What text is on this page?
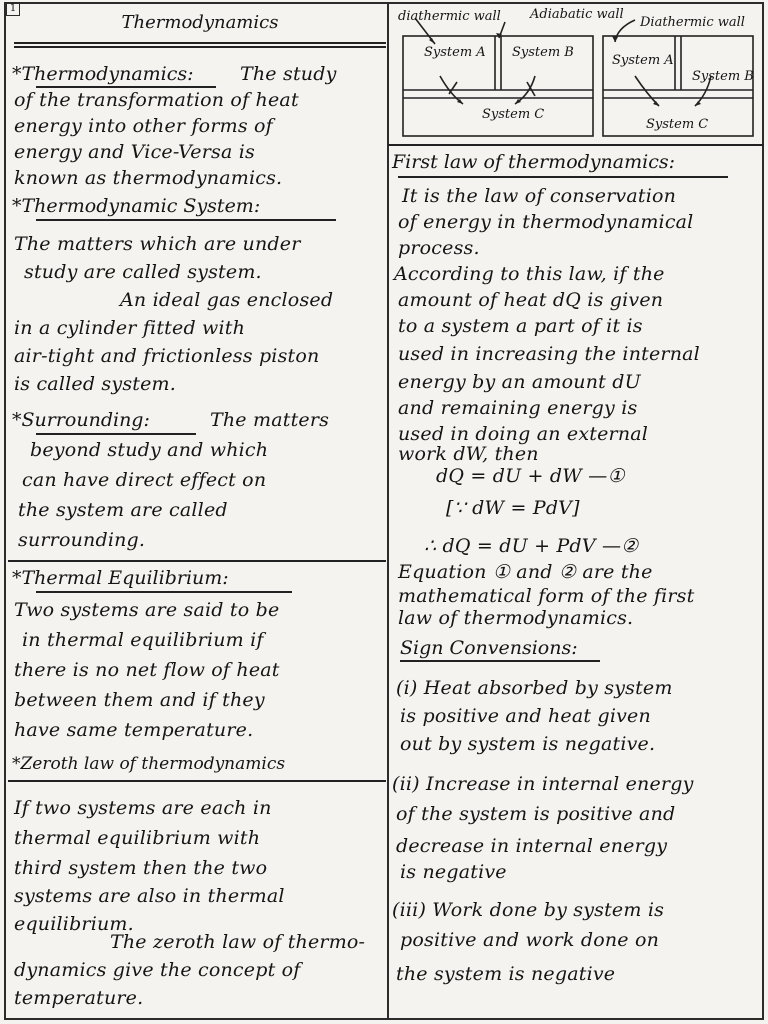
1
Thermodynamics
*Thermodynamics: The study
of the transformation of heat
energy into other forms of
energy and Vice-Versa is
known as thermodynamics.
*Thermodynamic System:
The matters which are under
study are called system.
An ideal gas enclosed
in a cylinder fitted with
air-tight and frictionless piston
is called system.
*Surrounding:	The matters
beyond study and which
can have direct effect on
the system are called
surrounding.
*Thermal Equilibrium:
Two systems are said to be
in thermal equilibrium if
there is no net flow of heat
between them and if they
have same temperature.
*Zeroth law of thermodynamics
If two systems are each in
thermal equilibrium with
third system then the two
systems are also in thermal
equilibrium.
The zeroth law of thermo-
dynamics give the concept of
temperature.
diathermic wall Adiabatic wall
Diathermic wall
System A System B
System C
System A
System B
System C
First law of thermodynamics:
It is the law of conservation
of energy in thermodynamical
process.
According to this law, if the
amount of heat dQ is given
to a system a part of it is
used in increasing the internal
energy by an amount dU
and remaining energy is
used in doing an external
work dW, then
dQ = dU + dW —①
[∵ dW = PdV]
∴ dQ = dU + PdV —②
Equation ① and ② are the
mathematical form of the first
law of thermodynamics.
Sign Convensions:
(i) Heat absorbed by system
is positive and heat given
out by system is negative.
(ii) Increase in internal energy
of the system is positive and
decrease in internal energy
is negative
(iii) Work done by system is
positive and work done on
the system is negative
